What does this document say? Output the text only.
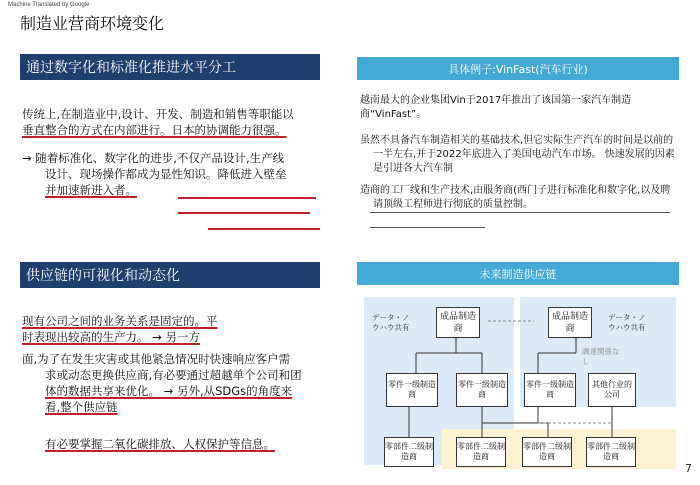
Machine Translated by Google
制造业营商环境变化
通过数字化和标准化推进水平分工
传统上,在制造业中,设计、开发、制造和销售等职能以
垂直整合的方式在内部进行。日本的协调能力很强。
→ 随着标准化、数字化的进步,不仅产品设计,生产线
设计、现场操作都成为显性知识。降低进入壁垒
并加速新进入者。
具体例子:VinFast(汽车行业)
越南最大的企业集团Vin于2017年推出了该国第一家汽车制造商“VinFast”。
虽然不具备汽车制造相关的基础技术,但它实际生产汽车的时间是以前的一半左右,并于2022年底进入了美国电动汽车市场。 快速发展的因素是引进各大汽车制
造商的工厂线和生产技术,由服务商(西门子进行标准化和数字化,以及聘请顶级工程师进行彻底的质量控制。
供应链的可视化和动态化
现有公司之间的业务关系是固定的。平
时表现出较高的生产力。 → 另一方
面,为了在发生灾害或其他紧急情况时快速响应客户需
求或动态更换供应商,有必要通过超越单个公司和团
体的数据共享来优化。 → 另外,从SDGs的角度来
看,整个供应链
有必要掌握二氧化碳排放、人权保护等信息。
未来制造供应链
データ・ノウハウ共有
データ・ノウハウ共有
調達関係なし
成品制造商
成品制造商
零件一级制造商
零件一级制造商
零件一级制造商
其他行业的公司
零部件二级制造商
零部件二级制造商
零部件二级制造商
零部件二级制造商
7
